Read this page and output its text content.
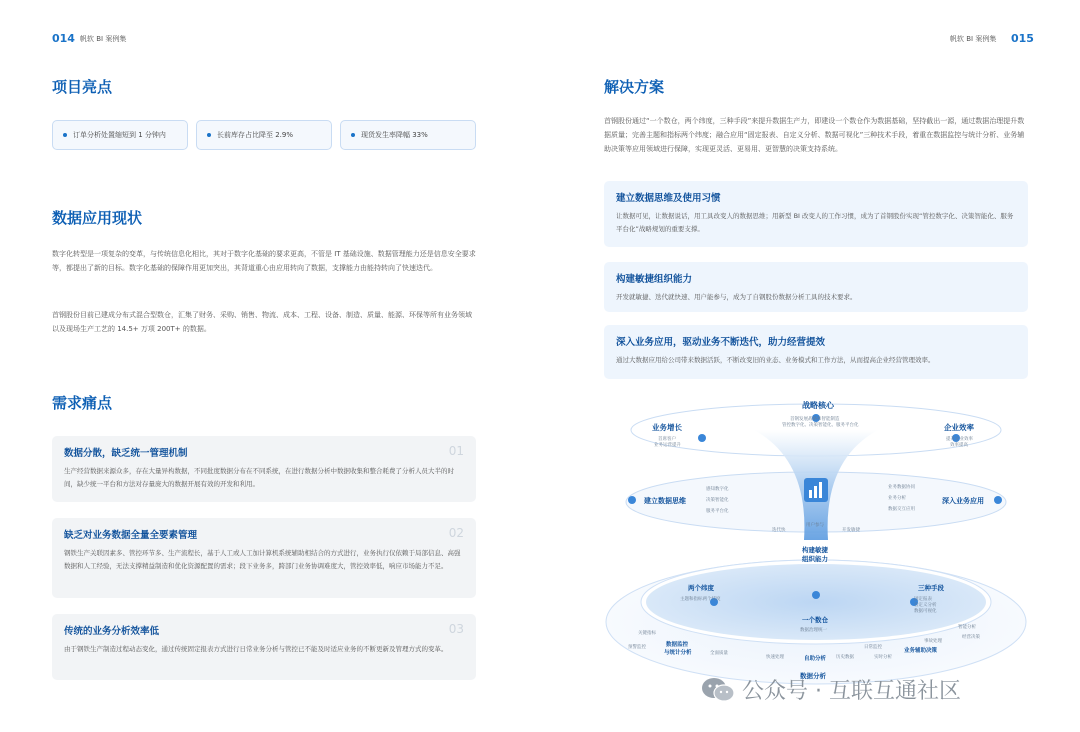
014 帆软 BI 案例集	帆软 BI 案例集 015
项目亮点
订单分析处置缩短到 1 分钟内	长前库存占比降至 2.9%	现货发生率降幅 33%
数据应用现状
数字化转型是一项复杂的变革，与传统信息化相比，其对于数字化基础的要求更高，不管是 IT 基础设施、数据管理能力还是信息安全要求等，都提出了新的目标。数字化基础的保障作用更加突出，其背道重心由应用转向了数据，支撑能力由能持转向了快速迭代。
首钢股份目前已建成分布式混合型数仓，汇集了财务、采购、销售、物流、成本、工程、设备、制造、质量、能源、环保等所有业务领域以及现场生产工艺的 14.5+ 万项 200T+ 的数据。
需求痛点
数据分散，缺乏统一管理机制	01
生产经营数据来源众多，存在大量异构数据，不同批度数据分布在不同系统，在进行数据分析中数据收集和整合耗费了分析人员大半的时间，缺少统一平台和方法对存量庞大的数据开展有效的开发和利用。
缺乏对业务数据全量全要素管理	02
钢铁生产关联因素多、管控环节多、生产流程长，基于人工或人工加计算机系统辅助相结合的方式进行，业务执行仅依赖于局部信息、高强数据和人工经验，无法支撑精益制造和优化资源配置的需求；段下业务多，跨部门业务协调难度大，管控效率低，响应市场能力不足。
传统的业务分析效率低	03
由于钢铁生产制造过程动态变化，通过传统固定报表方式进行日常业务分析与管控已不能及时适应业务的不断更新及管理方式的变革。
解决方案
首钢股份通过“一个数仓，两个纬度，三种手段”来提升数据生产力，即建设一个数仓作为数据基础，坚持截出一源，通过数据治理提升数据质量；完善主题和指标两个纬度；融合应用“固定报表、自定义分析、数据可视化”三种技术手段，着重在数据监控与统计分析、业务辅助决策等应用领域进行保障，实现更灵活、更易用、更智慧的决策支持系统。
建立数据思维及使用习惯
让数据可见，让数据说话，用工具改变人的数据思维；用新型 BI 改变人的工作习惯，成为了首钢股份实现“管控数字化、决策智能化、服务平台化”战略规划的重要支撑。
构建敏捷组织能力
开发就敏捷、迭代就快速、用户能参与，成为了自钢股份数据分析工具的技术要求。
深入业务应用，驱动业务不断迭代，助力经营提效
通过大数据应用给公司带来数据活跃，不断改变旧的业态、业务模式和工作方法，从而提高企业经营管理效率。
战略核心
首钢发展战略和智能制造
管控数字化、决策智能化、服务平台化
业务增长
首席客户
业务运营提升
企业效率
提升企业效率
效率提高
建立数据思维	深入业务应用
感知数字化
决策智能化
服务平台化
业务数据协同
业务分析
数据交互应用
迭代快
用户参与
开发敏捷
构建敏捷
组织能力
两个纬度
主题和指标两个纬度
三种手段
固定报表
自定义分析
数据可视化
一个数仓
数据治理统一
数据监控
与统计分析	业务辅助决策
自助分析
数据分析
关键指标
预警监控
全面质量
快速处理	历史数据	实时分析
智能分析
经营决策
事故处理
日常监控
公众号 · 互联互通社区
